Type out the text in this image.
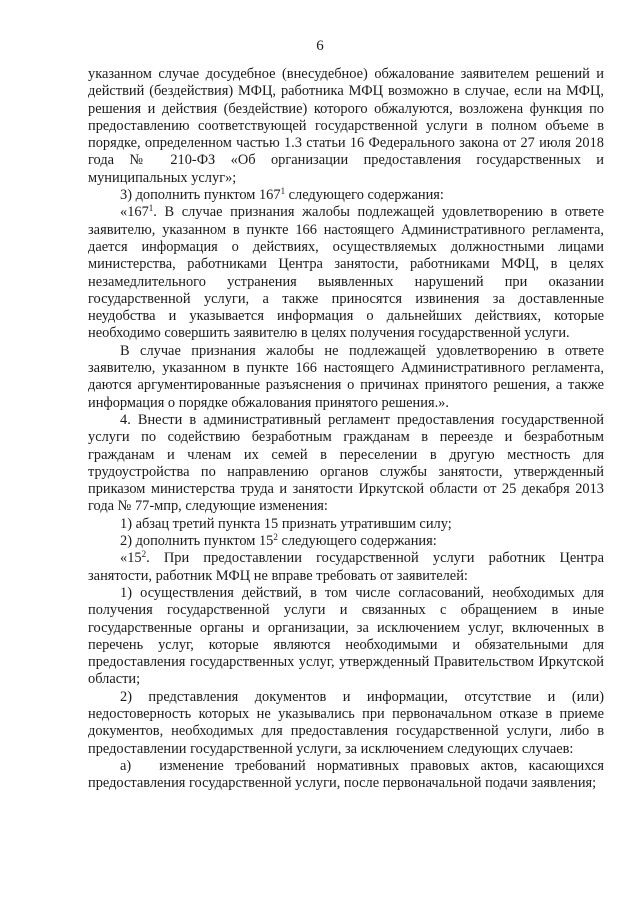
6

указанном случае досудебное (внесудебное) обжалование заявителем решений и действий (бездействия) МФЦ, работника МФЦ возможно в случае, если на МФЦ, решения и действия (бездействие) которого обжалуются, возложена функция по предоставлению соответствующей государственной услуги в полном объеме в порядке, определенном частью 1.3 статьи 16 Федерального закона от 27 июля 2018 года № 210-ФЗ «Об организации предоставления государственных и муниципальных услуг»;

3) дополнить пунктом $167^1$ следующего содержания:

«$167^1$. В случае признания жалобы подлежащей удовлетворению в ответе заявителю, указанном в пункте 166 настоящего Административного регламента, дается информация о действиях, осуществляемых должностными лицами министерства, работниками Центра занятости, работниками МФЦ, в целях незамедлительного устранения выявленных нарушений при оказании государственной услуги, а также приносятся извинения за доставленные неудобства и указывается информация о дальнейших действиях, которые необходимо совершить заявителю в целях получения государственной услуги.

В случае признания жалобы не подлежащей удовлетворению в ответе заявителю, указанном в пункте 166 настоящего Административного регламента, даются аргументированные разъяснения о причинах принятого решения, а также информация о порядке обжалования принятого решения.».

4. Внести в административный регламент предоставления государственной услуги по содействию безработным гражданам в переезде и безработным гражданам и членам их семей в переселении в другую местность для трудоустройства по направлению органов службы занятости, утвержденный приказом министерства труда и занятости Иркутской области от 25 декабря 2013 года № 77-мпр, следующие изменения:

1) абзац третий пункта 15 признать утратившим силу;

2) дополнить пунктом $15^2$ следующего содержания:

«$15^2$. При предоставлении государственной услуги работник Центра занятости, работник МФЦ не вправе требовать от заявителей:

1) осуществления действий, в том числе согласований, необходимых для получения государственной услуги и связанных с обращением в иные государственные органы и организации, за исключением услуг, включенных в перечень услуг, которые являются необходимыми и обязательными для предоставления государственных услуг, утвержденный Правительством Иркутской области;

2) представления документов и информации, отсутствие и (или) недостоверность которых не указывались при первоначальном отказе в приеме документов, необходимых для предоставления государственной услуги, либо в предоставлении государственной услуги, за исключением следующих случаев:

а) изменение требований нормативных правовых актов, касающихся предоставления государственной услуги, после первоначальной подачи заявления;
